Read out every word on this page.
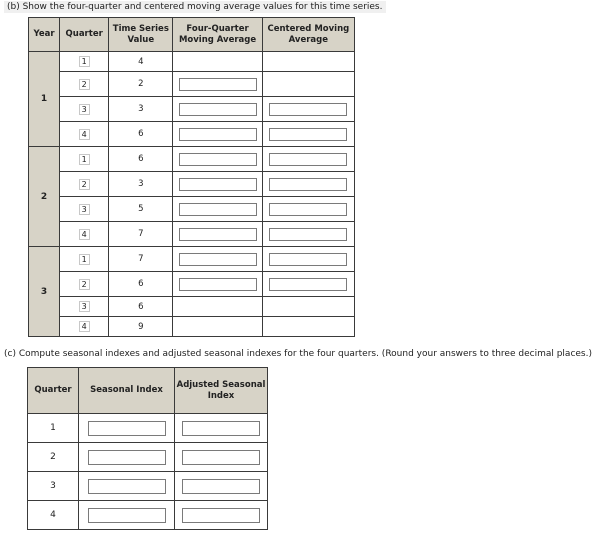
(b) Show the four-quarter and centered moving average values for this time series.
Year	Quarter	Time Series Value	Four-Quarter Moving Average	Centered Moving Average
1	1	4		
	2	2	

	3	3	

	4	6	

2	1	6	

	2	3	

	3	5	

	4	7	

3	1	7	

	2	6	

	3	6		
	4	9		
(c) Compute seasonal indexes and adjusted seasonal indexes for the four quarters. (Round your answers to three decimal places.)
Quarter	Seasonal Index	Adjusted Seasonal Index
1	

2	

3	

4	
